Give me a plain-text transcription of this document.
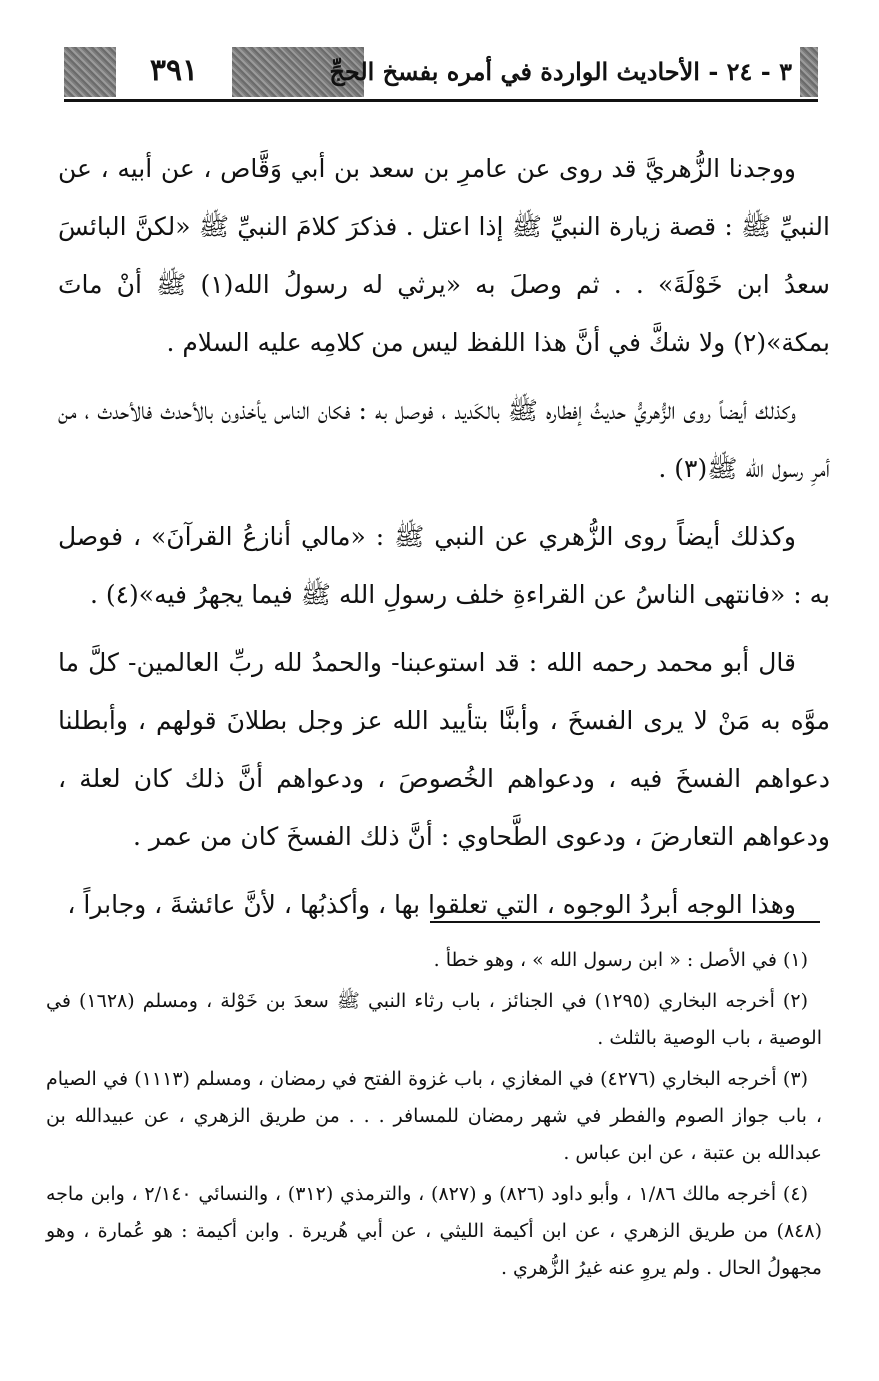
٣٩١	٣ - ٢٤ - الأحاديث الواردة في أمره بفسخ الحجِّ

ووجدنا الزُّهريَّ قد روى عن عامرِ بن سعد بن أبي وَقَّاص ، عن أبيه ، عن النبيِّ ﷺ : قصة زيارة النبيِّ ﷺ إذا اعتل . فذكرَ كلامَ النبيِّ ﷺ «لكنَّ البائسَ سعدُ ابن خَوْلَةَ» . . ثم وصلَ به «يرثي له رسولُ الله(١) ﷺ أنْ ماتَ بمكة»(٢) ولا شكَّ في أنَّ هذا اللفظ ليس من كلامِه عليه السلام .

وكذلك أيضاً روى الزُّهريُّ حديثُ إفطاره ﷺ بالكَديد ، فوصل به : فكان الناس يأخذون بالأحدث فالأحدث ، من أمرِ رسول الله ﷺ(٣) .

وكذلك أيضاً روى الزُّهري عن النبي ﷺ : «مالي أنازعُ القرآنَ» ، فوصل به : «فانتهى الناسُ عن القراءةِ خلف رسولِ الله ﷺ فيما يجهرُ فيه»(٤) .

قال أبو محمد رحمه الله : قد استوعبنا- والحمدُ لله ربِّ العالمين- كلَّ ما موَّه به مَنْ لا يرى الفسخَ ، وأبنَّا بتأييد الله عز وجل بطلانَ قولهم ، وأبطلنا دعواهم الفسخَ فيه ، ودعواهم الخُصوصَ ، ودعواهم أنَّ ذلك كان لعلة ، ودعواهم التعارضَ ، ودعوى الطَّحاوي : أنَّ ذلك الفسخَ كان من عمر .

وهذا الوجه أبردُ الوجوه ، التي تعلقوا بها ، وأكذبُها ، لأنَّ عائشةَ ، وجابراً ،

(١) في الأصل : « ابن رسول الله » ، وهو خطأ .

(٢) أخرجه البخاري (١٢٩٥) في الجنائز ، باب رثاء النبي ﷺ سعدَ بن خَوْلة ، ومسلم (١٦٢٨) في الوصية ، باب الوصية بالثلث .

(٣) أخرجه البخاري (٤٢٧٦) في المغازي ، باب غزوة الفتح في رمضان ، ومسلم (١١١٣) في الصيام ، باب جواز الصوم والفطر في شهر رمضان للمسافر . . . من طريق الزهري ، عن عبيدالله بن عبدالله بن عتبة ، عن ابن عباس .

(٤) أخرجه مالك ١/٨٦ ، وأبو داود (٨٢٦) و (٨٢٧) ، والترمذي (٣١٢) ، والنسائي ٢/١٤٠ ، وابن ماجه (٨٤٨) من طريق الزهري ، عن ابن أكيمة الليثي ، عن أبي هُريرة . وابن أكيمة : هو عُمارة ، وهو مجهولُ الحال . ولم يروِ عنه غيرُ الزُّهري .
